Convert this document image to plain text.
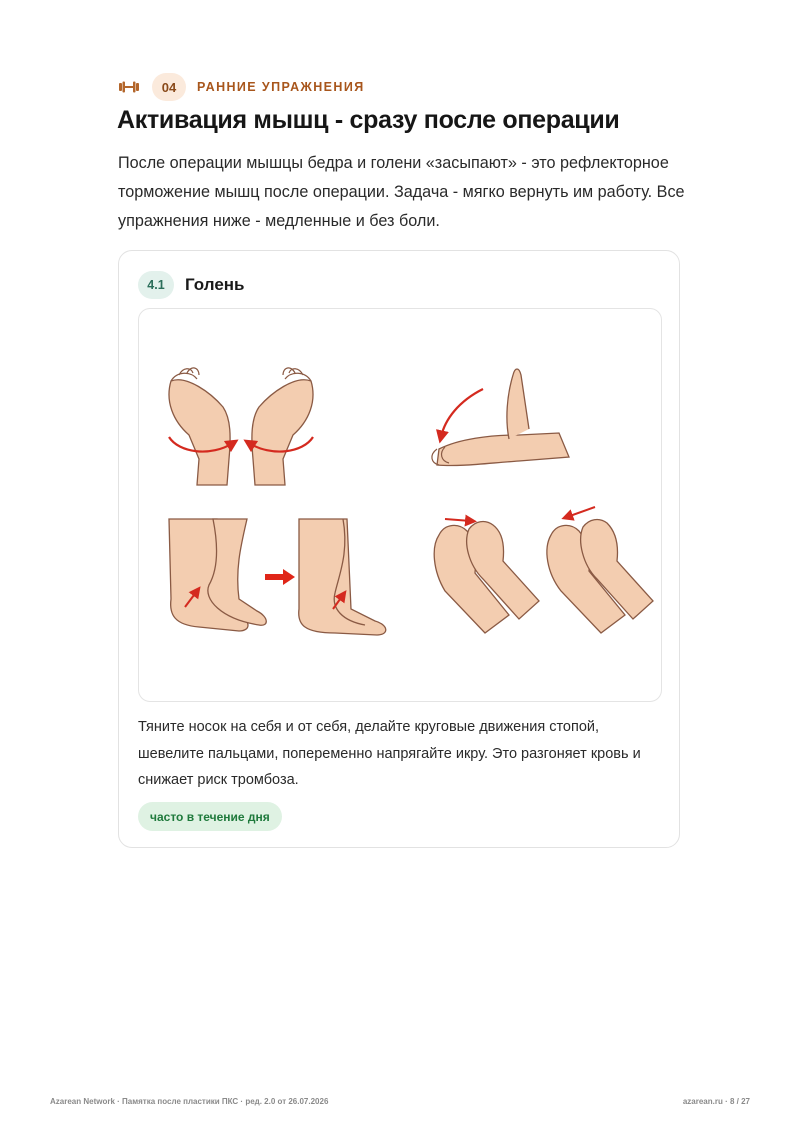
04	РАННИЕ УПРАЖНЕНИЯ
Активация мышц - сразу после операции

После операции мышцы бедра и голени «засыпают» - это рефлекторное торможение мышц после операции. Задача - мягко вернуть им работу. Все упражнения ниже - медленные и без боли.

4.1	Голень

Тяните носок на себя и от себя, делайте круговые движения стопой, шевелите пальцами, попеременно напрягайте икру. Это разгоняет кровь и снижает риск тромбоза.

часто в течение дня
Azarean Network · Памятка после пластики ПКС · ред. 2.0 от 26.07.2026	azarean.ru · 8 / 27
